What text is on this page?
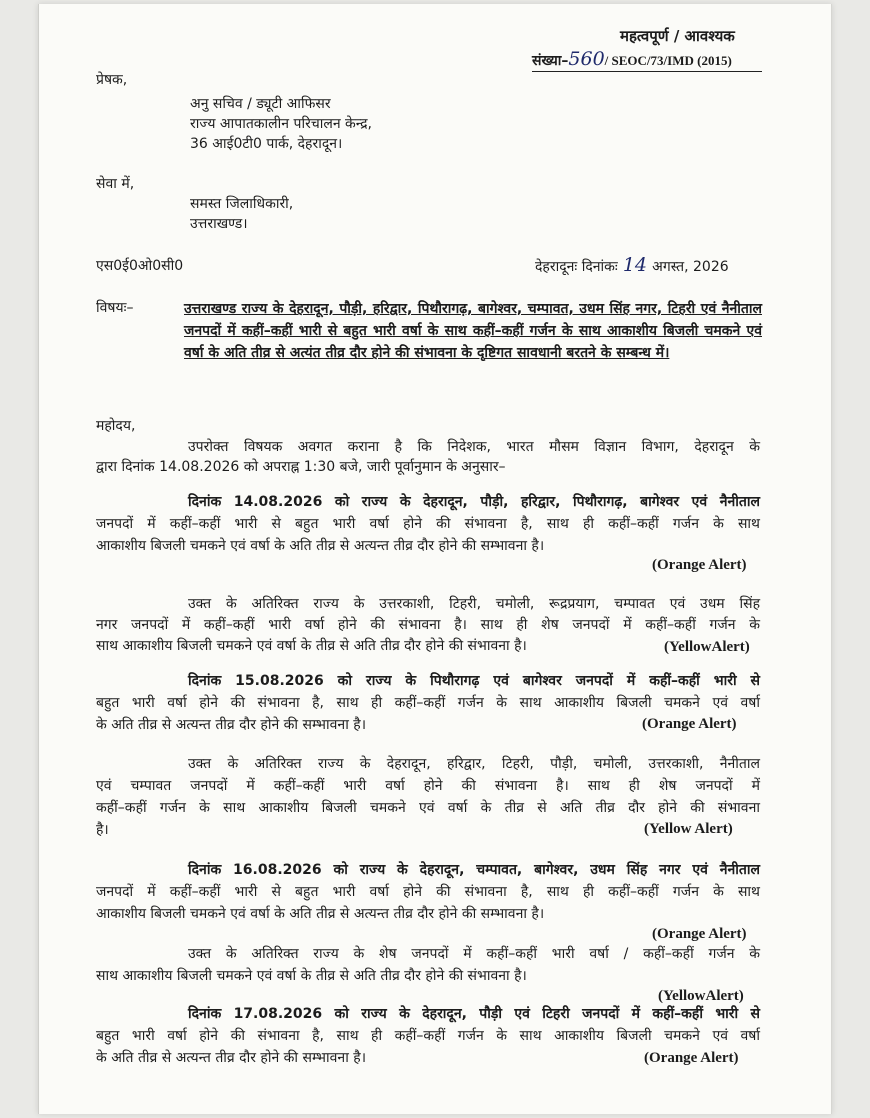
महत्वपूर्ण / आवश्यक
संख्या–560/ SEOC/73/IMD (2015)
प्रेषक,
अनु सचिव / ड्यूटी आफिसर
राज्य आपातकालीन परिचालन केन्द्र,
36 आई0टी0 पार्क, देहरादून।
सेवा में,
समस्त जिलाधिकारी,
उत्तराखण्ड।
एस0ई0ओ0सी0	देहरादूनः दिनांकः 14 अगस्त, 2026
विषयः–	उत्तराखण्ड राज्य के देहरादून, पौड़ी, हरिद्वार, पिथौरागढ़, बागेश्वर, चम्पावत, उधम सिंह नगर, टिहरी एवं नैनीताल जनपदों में कहीं–कहीं भारी से बहुत भारी वर्षा के साथ कहीं–कहीं गर्जन के साथ आकाशीय बिजली चमकने एवं वर्षा के अति तीव्र से अत्यंत तीव्र दौर होने की संभावना के दृष्टिगत सावधानी बरतने के सम्बन्ध में।
महोदय,
उपरोक्त विषयक अवगत कराना है कि निदेशक, भारत मौसम विज्ञान विभाग, देहरादून के
द्वारा दिनांक 14.08.2026 को अपराह्न 1:30 बजे, जारी पूर्वानुमान के अनुसार–
दिनांक 14.08.2026 को राज्य के देहरादून, पौड़ी, हरिद्वार, पिथौरागढ़, बागेश्वर एवं नैनीताल
जनपदों में कहीं–कहीं भारी से बहुत भारी वर्षा होने की संभावना है, साथ ही कहीं–कहीं गर्जन के साथ
आकाशीय बिजली चमकने एवं वर्षा के अति तीव्र से अत्यन्त तीव्र दौर होने की सम्भावना है।
(Orange Alert)
उक्त के अतिरिक्त राज्य के उत्तरकाशी, टिहरी, चमोली, रूद्रप्रयाग, चम्पावत एवं उधम सिंह
नगर जनपदों में कहीं–कहीं भारी वर्षा होने की संभावना है। साथ ही शेष जनपदों में कहीं–कहीं गर्जन के
साथ आकाशीय बिजली चमकने एवं वर्षा के तीव्र से अति तीव्र दौर होने की संभावना है।	(YellowAlert)
दिनांक 15.08.2026 को राज्य के पिथौरागढ़ एवं बागेश्वर जनपदों में कहीं–कहीं भारी से
बहुत भारी वर्षा होने की संभावना है, साथ ही कहीं–कहीं गर्जन के साथ आकाशीय बिजली चमकने एवं वर्षा
के अति तीव्र से अत्यन्त तीव्र दौर होने की सम्भावना है।	(Orange Alert)
उक्त के अतिरिक्त राज्य के देहरादून, हरिद्वार, टिहरी, पौड़ी, चमोली, उत्तरकाशी, नैनीताल
एवं चम्पावत जनपदों में कहीं–कहीं भारी वर्षा होने की संभावना है। साथ ही शेष जनपदों में
कहीं–कहीं गर्जन के साथ आकाशीय बिजली चमकने एवं वर्षा के तीव्र से अति तीव्र दौर होने की संभावना
है।	(Yellow Alert)
दिनांक 16.08.2026 को राज्य के देहरादून, चम्पावत, बागेश्वर, उधम सिंह नगर एवं नैनीताल
जनपदों में कहीं–कहीं भारी से बहुत भारी वर्षा होने की संभावना है, साथ ही कहीं–कहीं गर्जन के साथ
आकाशीय बिजली चमकने एवं वर्षा के अति तीव्र से अत्यन्त तीव्र दौर होने की सम्भावना है।
(Orange Alert)
उक्त के अतिरिक्त राज्य के शेष जनपदों में कहीं–कहीं भारी वर्षा / कहीं–कहीं गर्जन के
साथ आकाशीय बिजली चमकने एवं वर्षा के तीव्र से अति तीव्र दौर होने की संभावना है।
(YellowAlert)
दिनांक 17.08.2026 को राज्य के देहरादून, पौड़ी एवं टिहरी जनपदों में कहीं–कहीं भारी से
बहुत भारी वर्षा होने की संभावना है, साथ ही कहीं–कहीं गर्जन के साथ आकाशीय बिजली चमकने एवं वर्षा
के अति तीव्र से अत्यन्त तीव्र दौर होने की सम्भावना है।	(Orange Alert)
